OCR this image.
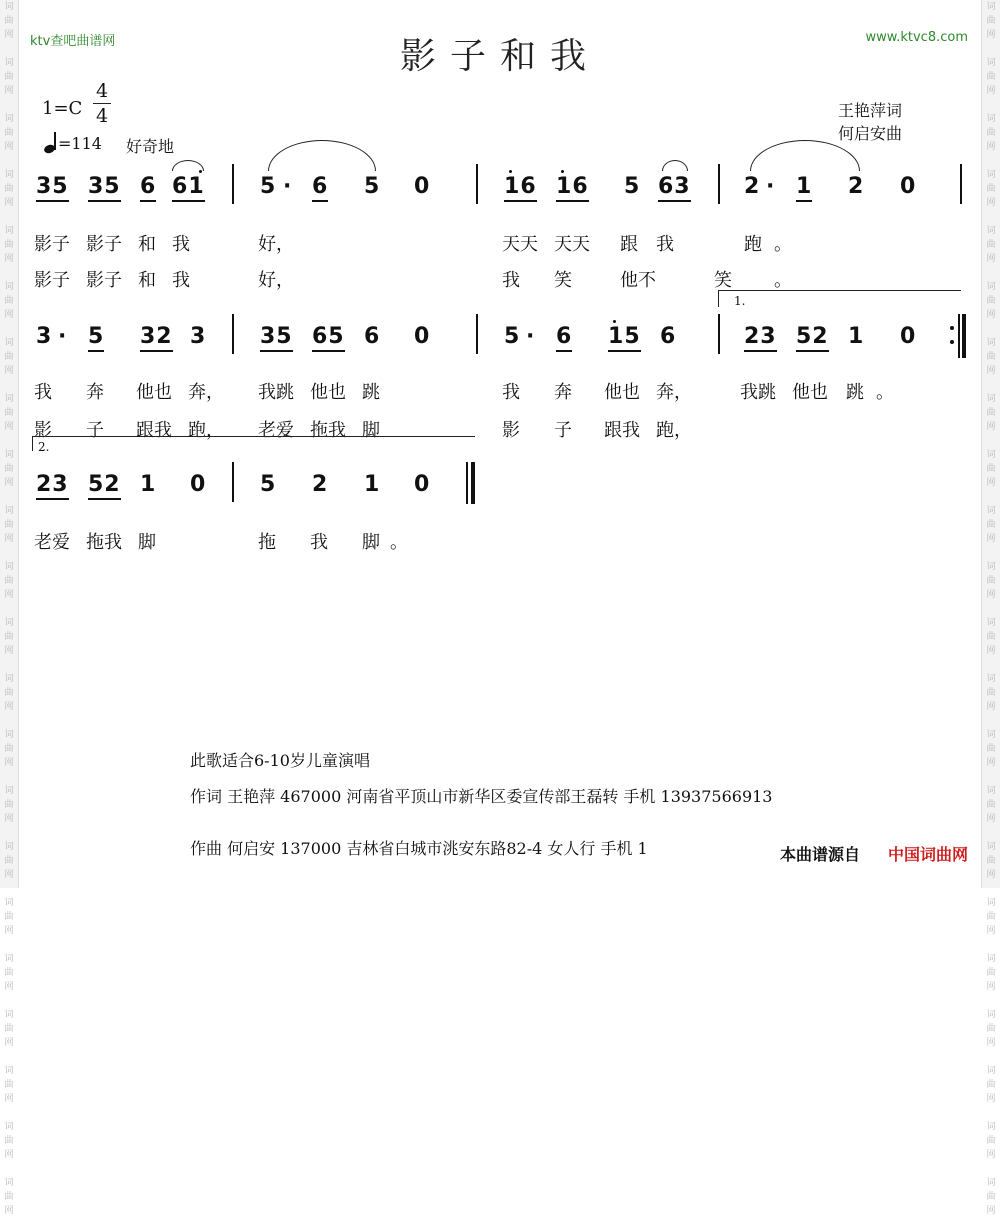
词
曲
网

词
曲
网

词
曲
网

词
曲
网

词
曲
网

词
曲
网

词
曲
网

词
曲
网

词
曲
网

词
曲
网

词
曲
网

词
曲
网

词
曲
网

词
曲
网

词
曲
网

词
曲
网

词
曲
网

词
曲
网

词
曲
网

词
曲
网

词
曲
网

词
曲
网

词
曲
网

词
曲
网

词
曲
网

词
曲
网

词
曲
网

词
曲
网

词
曲
网

词
曲
网

词
曲
网

词
曲
网

词
曲
网

词
曲
网

词
曲
网

词
曲
网

词
曲
网

词
曲
网

词
曲
网

词
曲
网

词
曲
网

词
曲
网

词
曲
网

词
曲
网

ktv查吧曲谱网	www.ktvc8.com
影子和我
1=C
4
4
=114 好奇地
王艳萍词
何启安曲
35 35 6 61	5 · 6 5 0	16 16 5 63 2 · 1 2 0
影子 影子 和 我	好，	天天 天天 跟 我	跑 。
影子 影子 和 我	好，	我 笑	他不	笑 。
1.
3 · 5 32 3 35 65 6 0	5 · 6 15 6	23 52 1 0
我 奔 他也 奔， 我跳 他也 跳	我 奔 他也 奔，	我跳 他也 跳 。
影 子 跟我 跑， 老爱 拖我 脚	影 子 跟我 跑，
2.
23 52 1 0 5 2 1 0
老爱 拖我 脚	拖 我 脚 。
此歌适合6-10岁儿童演唱
作词 王艳萍 467000 河南省平顶山市新华区委宣传部王磊转 手机 13937566913
作曲 何启安 137000 吉林省白城市洮安东路82-4 女人行 手机 1	本曲谱源自 中国词曲网
